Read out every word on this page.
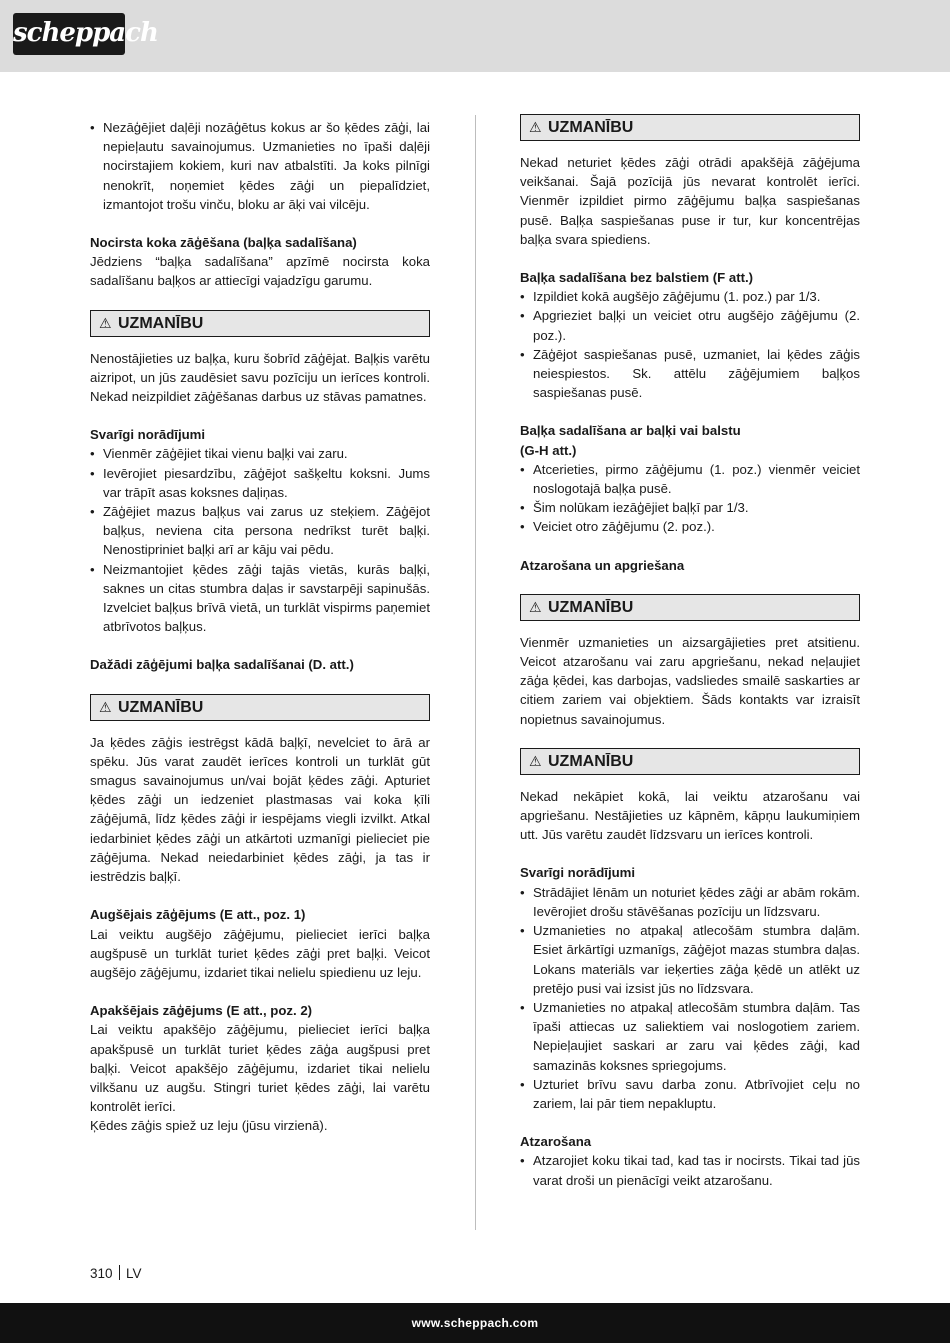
scheppach
• Nezāģējiet daļēji nozāģētus kokus ar šo ķēdes zāģi, lai nepieļautu savainojumus. Uzmanieties no īpaši daļēji nocirstajiem kokiem, kuri nav atbalstīti. Ja koks pilnīgi nenokrīt, noņemiet ķēdes zāģi un piepalīdziet, izmantojot trošu vinču, bloku ar āķi vai vilcēju.

Nocirsta koka zāģēšana (baļķa sadalīšana)

Jēdziens “baļķa sadalīšana” apzīmē nocirsta koka sadalīšanu baļķos ar attiecīgi vajadzīgu garumu.

⚠ UZMANĪBU

Nenostājieties uz baļķa, kuru šobrīd zāģējat. Baļķis varētu aizripot, un jūs zaudēsiet savu pozīciju un ierīces kontroli. Nekad neizpildiet zāģēšanas darbus uz stāvas pamatnes.

Svarīgi norādījumi

• Vienmēr zāģējiet tikai vienu baļķi vai zaru.
• Ievērojiet piesardzību, zāģējot sašķeltu koksni. Jums var trāpīt asas koksnes daļiņas.
• Zāģējiet mazus baļķus vai zarus uz steķiem. Zāģējot baļķus, neviena cita persona nedrīkst turēt baļķi. Nenostipriniet baļķi arī ar kāju vai pēdu.
• Neizmantojiet ķēdes zāģi tajās vietās, kurās baļķi, saknes un citas stumbra daļas ir savstarpēji sapinušās. Izvelciet baļķus brīvā vietā, un turklāt vispirms paņemiet atbrīvotos baļķus.

Dažādi zāģējumi baļķa sadalīšanai (D. att.)

⚠ UZMANĪBU

Ja ķēdes zāģis iestrēgst kādā baļķī, nevelciet to ārā ar spēku. Jūs varat zaudēt ierīces kontroli un turklāt gūt smagus savainojumus un/vai bojāt ķēdes zāģi. Apturiet ķēdes zāģi un iedzeniet plastmasas vai koka ķīli zāģējumā, līdz ķēdes zāģi ir iespējams viegli izvilkt. Atkal iedarbiniet ķēdes zāģi un atkārtoti uzmanīgi pielieciet pie zāģējuma. Nekad neiedarbiniet ķēdes zāģi, ja tas ir iestrēdzis baļķī.

Augšējais zāģējums (E att., poz. 1)

Lai veiktu augšējo zāģējumu, pielieciet ierīci baļķa augšpusē un turklāt turiet ķēdes zāģi pret baļķi. Veicot augšējo zāģējumu, izdariet tikai nelielu spiedienu uz leju.

Apakšējais zāģējums (E att., poz. 2)

Lai veiktu apakšējo zāģējumu, pielieciet ierīci baļķa apakšpusē un turklāt turiet ķēdes zāģa augšpusi pret baļķi. Veicot apakšējo zāģējumu, izdariet tikai nelielu vilkšanu uz augšu. Stingri turiet ķēdes zāģi, lai varētu kontrolēt ierīci.

Ķēdes zāģis spiež uz leju (jūsu virzienā).

⚠ UZMANĪBU

Nekad neturiet ķēdes zāģi otrādi apakšējā zāģējuma veikšanai. Šajā pozīcijā jūs nevarat kontrolēt ierīci. Vienmēr izpildiet pirmo zāģējumu baļķa saspiešanas pusē. Baļķa saspiešanas puse ir tur, kur koncentrējas baļķa svara spiediens.

Baļķa sadalīšana bez balstiem (F att.)

• Izpildiet kokā augšējo zāģējumu (1. poz.) par 1/3.
• Apgrieziet baļķi un veiciet otru augšējo zāģējumu (2. poz.).
• Zāģējot saspiešanas pusē, uzmaniet, lai ķēdes zāģis neiespiestos. Sk. attēlu zāģējumiem baļķos saspiešanas pusē.

Baļķa sadalīšana ar baļķi vai balstu

(G-H att.)

• Atcerieties, pirmo zāģējumu (1. poz.) vienmēr veiciet noslogotajā baļķa pusē.
• Šim nolūkam iezāģējiet baļķī par 1/3.
• Veiciet otro zāģējumu (2. poz.).

Atzarošana un apgriešana

⚠ UZMANĪBU

Vienmēr uzmanieties un aizsargājieties pret atsitienu. Veicot atzarošanu vai zaru apgriešanu, nekad neļaujiet zāģa ķēdei, kas darbojas, vadsliedes smailē saskarties ar citiem zariem vai objektiem. Šāds kontakts var izraisīt nopietnus savainojumus.

⚠ UZMANĪBU

Nekad nekāpiet kokā, lai veiktu atzarošanu vai apgriešanu. Nestājieties uz kāpnēm, kāpņu laukumiņiem utt. Jūs varētu zaudēt līdzsvaru un ierīces kontroli.

Svarīgi norādījumi

• Strādājiet lēnām un noturiet ķēdes zāģi ar abām rokām. Ievērojiet drošu stāvēšanas pozīciju un līdzsvaru.
• Uzmanieties no atpakaļ atlecošām stumbra daļām. Esiet ārkārtīgi uzmanīgs, zāģējot mazas stumbra daļas. Lokans materiāls var ieķerties zāģa ķēdē un atlēkt uz pretējo pusi vai izsist jūs no līdzsvara.
• Uzmanieties no atpakaļ atlecošām stumbra daļām. Tas īpaši attiecas uz saliektiem vai noslogotiem zariem. Nepieļaujiet saskari ar zaru vai ķēdes zāģi, kad samazinās koksnes spriegojums.
• Uzturiet brīvu savu darba zonu. Atbrīvojiet ceļu no zariem, lai pār tiem nepakluptu.

Atzarošana

• Atzarojiet koku tikai tad, kad tas ir nocirsts. Tikai tad jūs varat droši un pienācīgi veikt atzarošanu.
310 LV
www.scheppach.com
